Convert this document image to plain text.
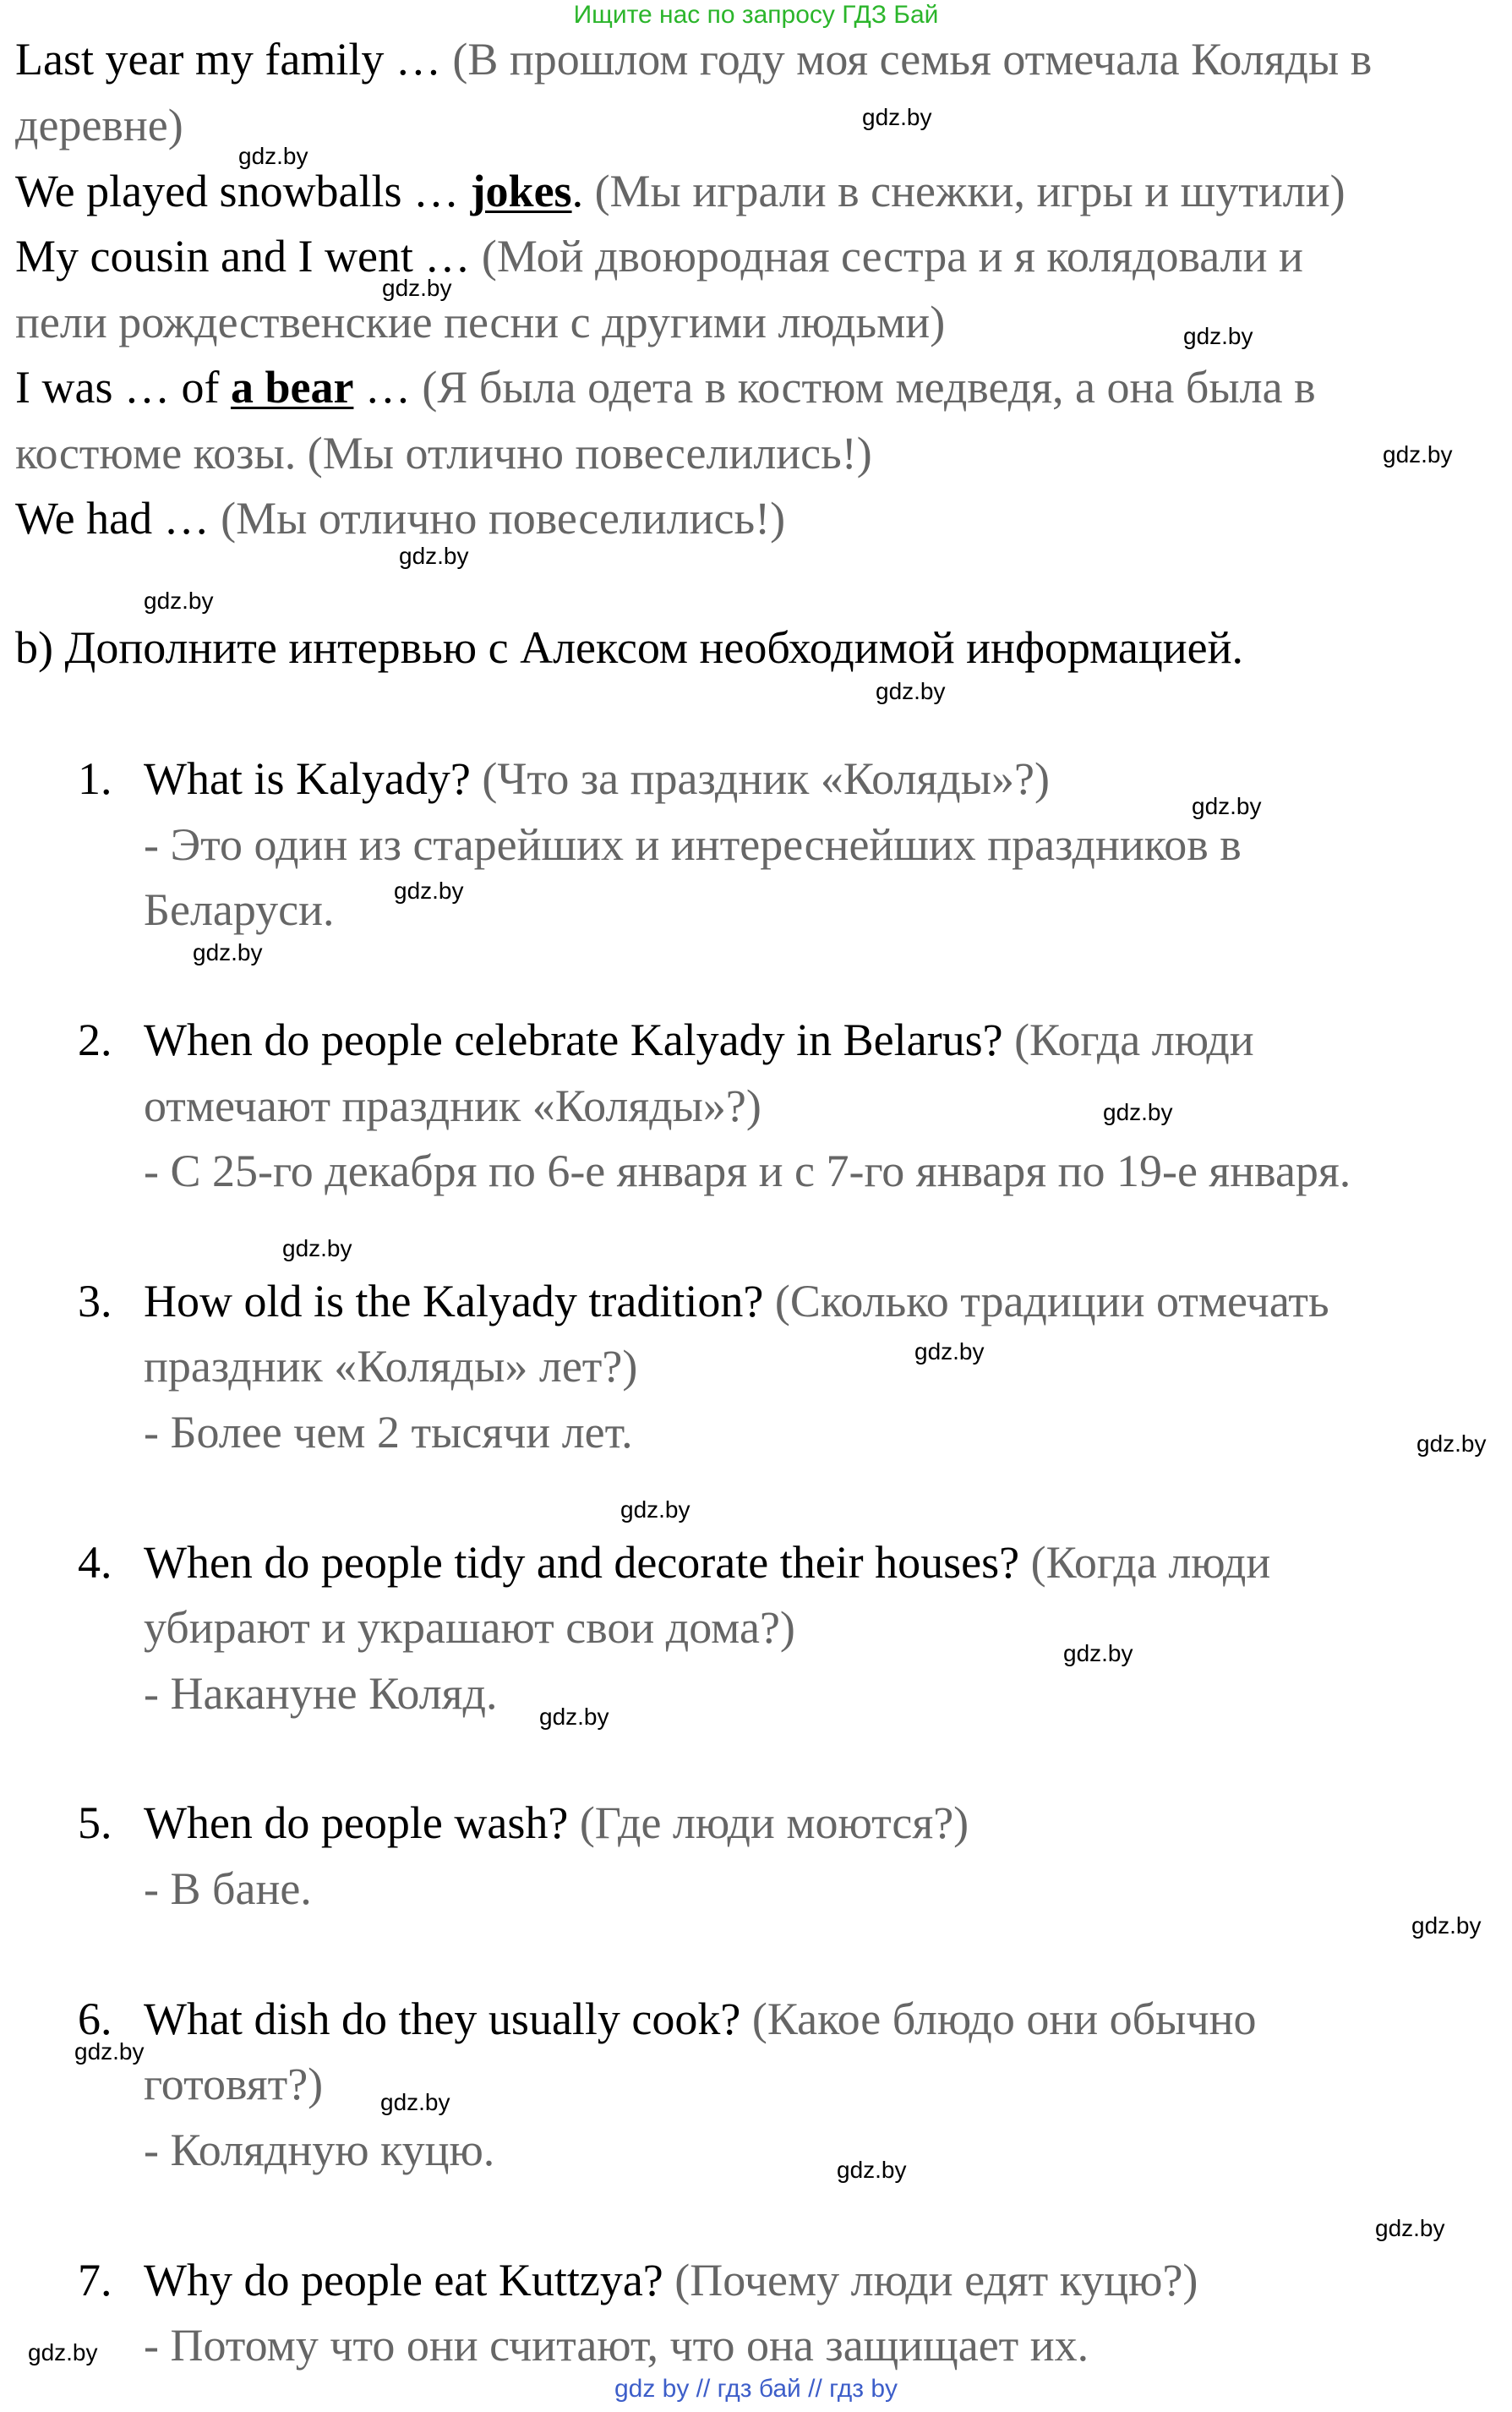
Ищите нас по запросу ГДЗ Бай
Last year my family … (В прошлом году моя семья отмечала Коляды в
деревне)
We played snowballs … jokes. (Мы играли в снежки, игры и шутили)
My cousin and I went … (Мой двоюродная сестра и я колядовали и
пели рождественские песни с другими людьми)
I was … of a bear … (Я была одета в костюм медведя, а она была в
костюме козы. (Мы отлично повеселились!)
We had … (Мы отлично повеселились!)
b) Дополните интервью с Алексом необходимой информацией.
1. What is Kalyady? (Что за праздник «Коляды»?)
- Это один из старейших и интереснейших праздников в
Беларуси.
2. When do people celebrate Kalyady in Belarus? (Когда люди
отмечают праздник «Коляды»?)
- С 25-го декабря по 6-е января и с 7-го января по 19-е января.
3. How old is the Kalyady tradition? (Сколько традиции отмечать
праздник «Коляды» лет?)
- Более чем 2 тысячи лет.
4. When do people tidy and decorate their houses? (Когда люди
убирают и украшают свои дома?)
- Накануне Коляд.
5. When do people wash? (Где люди моются?)
- В бане.
6. What dish do they usually cook? (Какое блюдо они обычно
готовят?)
- Колядную куцю.
7. Why do people eat Kuttzya? (Почему люди едят куцю?)
- Потому что они считают, что она защищает их.
gdz.by
gdz.by
gdz.by
gdz.by
gdz.by
gdz.by
gdz.by
gdz.by
gdz.by
gdz.by
gdz.by
gdz.by
gdz.by
gdz.by
gdz.by
gdz.by
gdz.by
gdz.by
gdz.by
gdz.by
gdz.by
gdz.by
gdz.by
gdz.by
gdz by // гдз бай // гдз by
